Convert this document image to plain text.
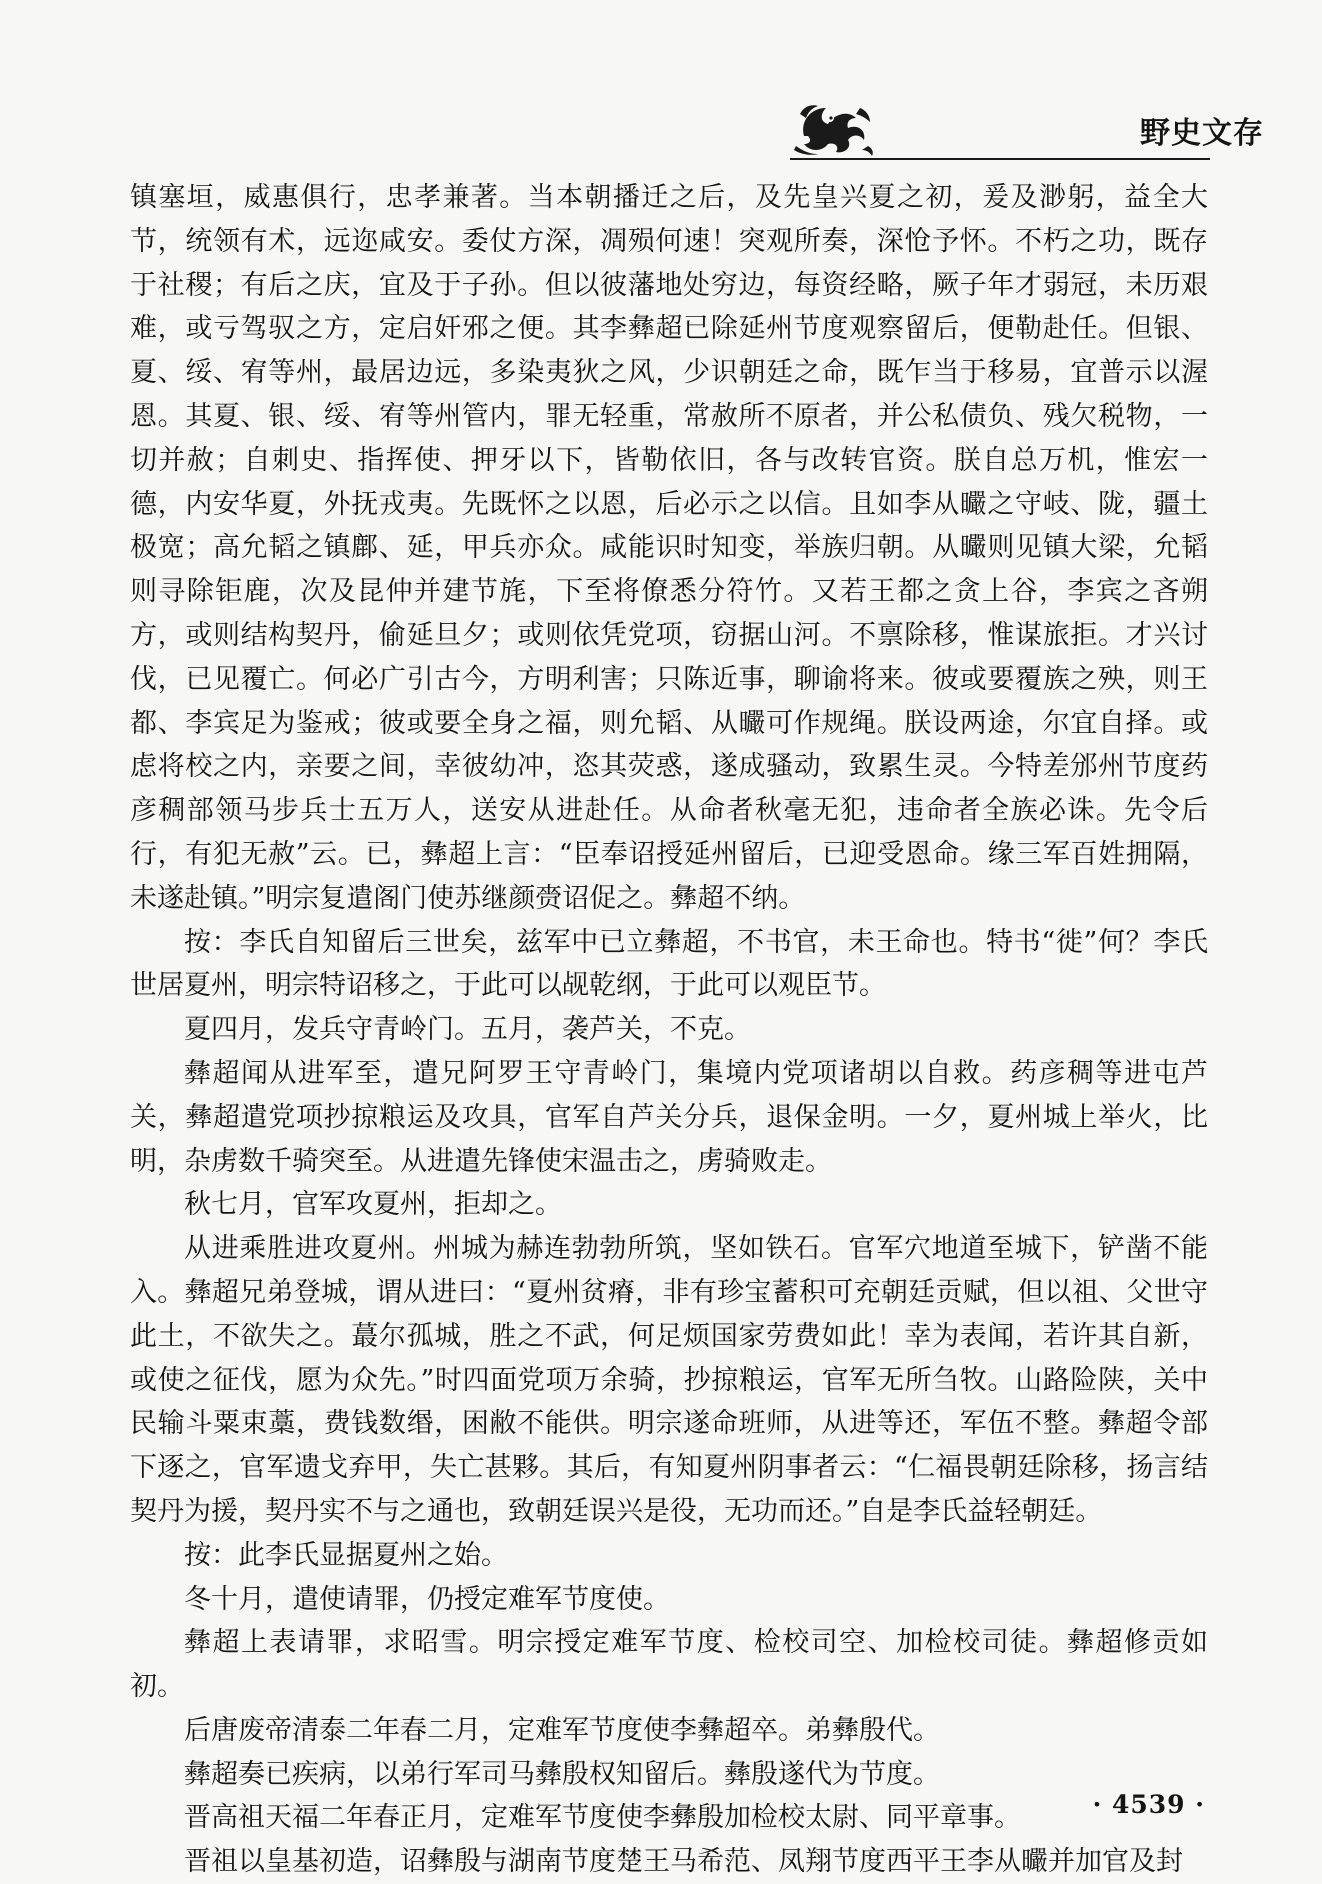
野史文存

镇塞垣，威惠俱行，忠孝兼著。当本朝播迁之后，及先皇兴夏之初，爰及渺躬，益全大节，统领有术，远迩咸安。委仗方深，凋殒何速！突观所奏，深怆予怀。不朽之功，既存于社稷；有后之庆，宜及于子孙。但以彼藩地处穷边，每资经略，厥子年才弱冠，未历艰难，或亏驾驭之方，定启奸邪之便。其李彝超已除延州节度观察留后，便勒赴任。但银、夏、绥、宥等州，最居边远，多染夷狄之风，少识朝廷之命，既乍当于移易，宜普示以渥恩。其夏、银、绥、宥等州管内，罪无轻重，常赦所不原者，并公私债负、残欠税物，一切并赦；自刺史、指挥使、押牙以下，皆勒依旧，各与改转官资。朕自总万机，惟宏一德，内安华夏，外抚戎夷。先既怀之以恩，后必示之以信。且如李从曮之守岐、陇，疆土极宽；高允韬之镇鄜、延，甲兵亦众。咸能识时知变，举族归朝。从曮则见镇大梁，允韬则寻除钜鹿，次及昆仲并建节旄，下至将僚悉分符竹。又若王都之贪上谷，李宾之吝朔方，或则结构契丹，偷延旦夕；或则依凭党项，窃据山河。不禀除移，惟谋旅拒。才兴讨伐，已见覆亡。何必广引古今，方明利害；只陈近事，聊谕将来。彼或要覆族之殃，则王都、李宾足为鉴戒；彼或要全身之福，则允韬、从曮可作规绳。朕设两途，尔宜自择。或虑将校之内，亲要之间，幸彼幼冲，恣其荧惑，遂成骚动，致累生灵。今特差邠州节度药彦稠部领马步兵士五万人，送安从进赴任。从命者秋毫无犯，违命者全族必诛。先令后行，有犯无赦”云。已，彝超上言：“臣奉诏授延州留后，已迎受恩命。缘三军百姓拥隔，未遂赴镇。”明宗复遣阁门使苏继颜赍诏促之。彝超不纳。

按：李氏自知留后三世矣，兹军中已立彝超，不书官，未王命也。特书“徙”何？李氏世居夏州，明宗特诏移之，于此可以觇乾纲，于此可以观臣节。

夏四月，发兵守青岭门。五月，袭芦关，不克。

彝超闻从进军至，遣兄阿罗王守青岭门，集境内党项诸胡以自救。药彦稠等进屯芦关，彝超遣党项抄掠粮运及攻具，官军自芦关分兵，退保金明。一夕，夏州城上举火，比明，杂虏数千骑突至。从进遣先锋使宋温击之，虏骑败走。

秋七月，官军攻夏州，拒却之。

从进乘胜进攻夏州。州城为赫连勃勃所筑，坚如铁石。官军穴地道至城下，铲凿不能入。彝超兄弟登城，谓从进曰：“夏州贫瘠，非有珍宝蓄积可充朝廷贡赋，但以祖、父世守此土，不欲失之。蕞尔孤城，胜之不武，何足烦国家劳费如此！幸为表闻，若许其自新，或使之征伐，愿为众先。”时四面党项万余骑，抄掠粮运，官军无所刍牧。山路险陕，关中民输斗粟束藁，费钱数缗，困敝不能供。明宗遂命班师，从进等还，军伍不整。彝超令部下逐之，官军遗戈弃甲，失亡甚夥。其后，有知夏州阴事者云：“仁福畏朝廷除移，扬言结契丹为援，契丹实不与之通也，致朝廷误兴是役，无功而还。”自是李氏益轻朝廷。

按：此李氏显据夏州之始。

冬十月，遣使请罪，仍授定难军节度使。

彝超上表请罪，求昭雪。明宗授定难军节度、检校司空、加检校司徒。彝超修贡如初。

后唐废帝清泰二年春二月，定难军节度使李彝超卒。弟彝殷代。

彝超奏已疾病，以弟行军司马彝殷权知留后。彝殷遂代为节度。

晋高祖天福二年春正月，定难军节度使李彝殷加检校太尉、同平章事。

晋祖以皇基初造，诏彝殷与湖南节度楚王马希范、凤翔节度西平王李从曮并加官及封

· 4539 ·
